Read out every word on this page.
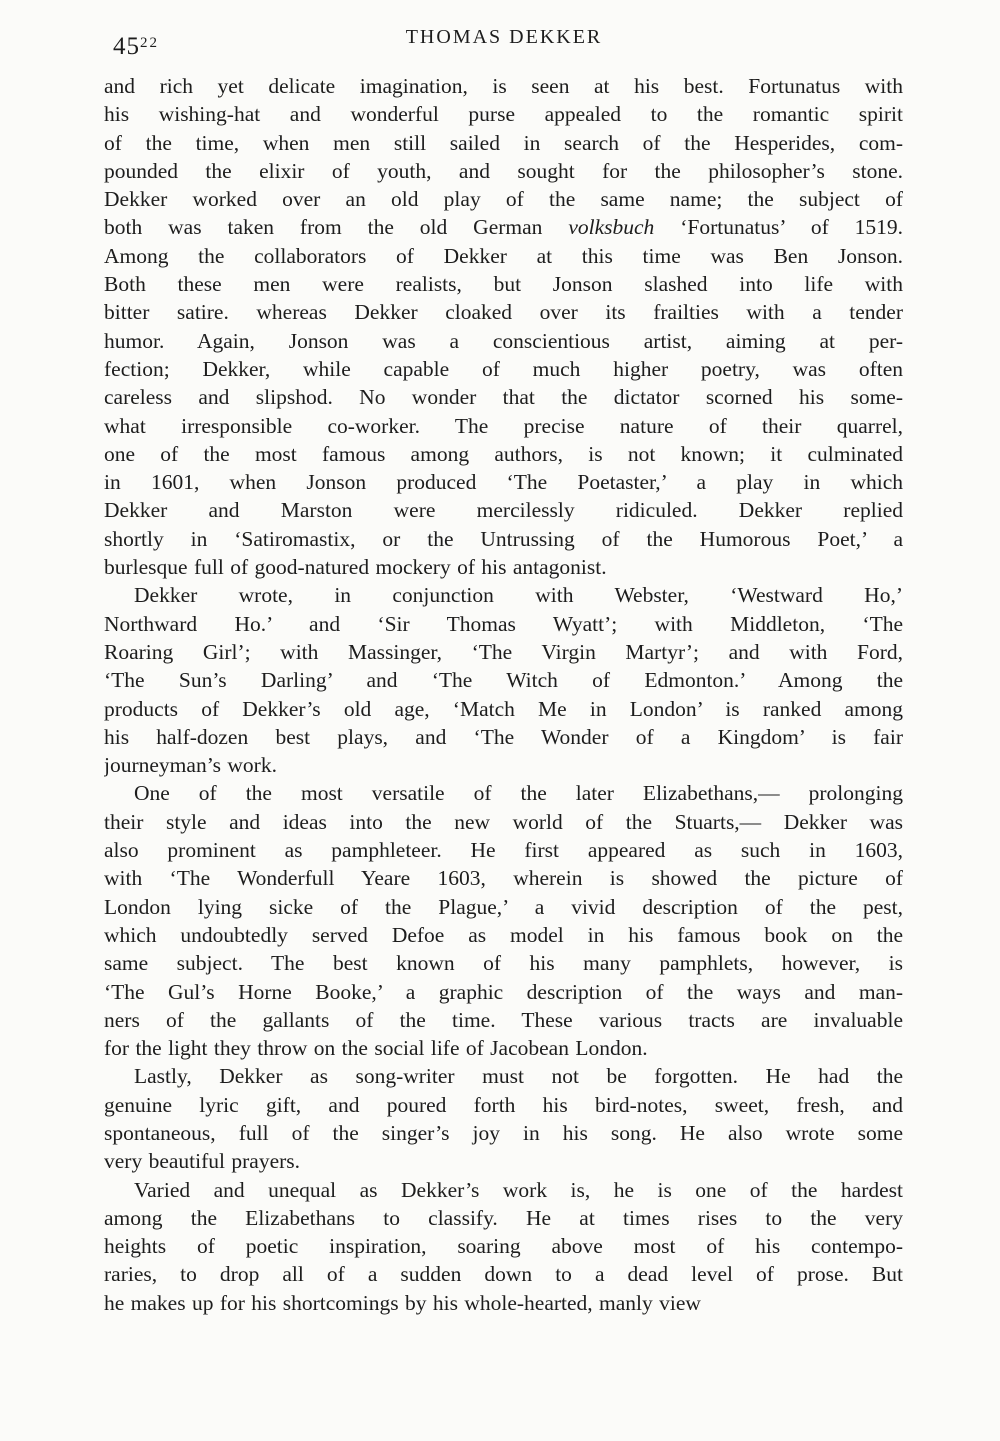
$45^{22}$	THOMAS DEKKER
and rich yet delicate imagination, is seen at his best. Fortunatus with
his wishing-hat and wonderful purse appealed to the romantic spirit
of the time, when men still sailed in search of the Hesperides, com-
pounded the elixir of youth, and sought for the philosopher’s stone.
Dekker worked over an old play of the same name; the subject of
both was taken from the old German volksbuch ‘Fortunatus’ of 1519.
Among the collaborators of Dekker at this time was Ben Jonson.
Both these men were realists, but Jonson slashed into life with
bitter satire. whereas Dekker cloaked over its frailties with a tender
humor. Again, Jonson was a conscientious artist, aiming at per-
fection; Dekker, while capable of much higher poetry, was often
careless and slipshod. No wonder that the dictator scorned his some-
what irresponsible co-worker. The precise nature of their quarrel,
one of the most famous among authors, is not known; it culminated
in 1601, when Jonson produced ‘The Poetaster,’ a play in which
Dekker and Marston were mercilessly ridiculed. Dekker replied
shortly in ‘Satiromastix, or the Untrussing of the Humorous Poet,’ a
burlesque full of good-natured mockery of his antagonist.
Dekker wrote, in conjunction with Webster, ‘Westward Ho,’
Northward Ho.’ and ‘Sir Thomas Wyatt’; with Middleton, ‘The
Roaring Girl’; with Massinger, ‘The Virgin Martyr’; and with Ford,
‘The Sun’s Darling’ and ‘The Witch of Edmonton.’ Among the
products of Dekker’s old age, ‘Match Me in London’ is ranked among
his half-dozen best plays, and ‘The Wonder of a Kingdom’ is fair
journeyman’s work.
One of the most versatile of the later Elizabethans,— prolonging
their style and ideas into the new world of the Stuarts,— Dekker was
also prominent as pamphleteer. He first appeared as such in 1603,
with ‘The Wonderfull Yeare 1603, wherein is showed the picture of
London lying sicke of the Plague,’ a vivid description of the pest,
which undoubtedly served Defoe as model in his famous book on the
same subject. The best known of his many pamphlets, however, is
‘The Gul’s Horne Booke,’ a graphic description of the ways and man-
ners of the gallants of the time. These various tracts are invaluable
for the light they throw on the social life of Jacobean London.
Lastly, Dekker as song-writer must not be forgotten. He had the
genuine lyric gift, and poured forth his bird-notes, sweet, fresh, and
spontaneous, full of the singer’s joy in his song. He also wrote some
very beautiful prayers.
Varied and unequal as Dekker’s work is, he is one of the hardest
among the Elizabethans to classify. He at times rises to the very
heights of poetic inspiration, soaring above most of his contempo-
raries, to drop all of a sudden down to a dead level of prose. But
he makes up for his shortcomings by his whole-hearted, manly view
